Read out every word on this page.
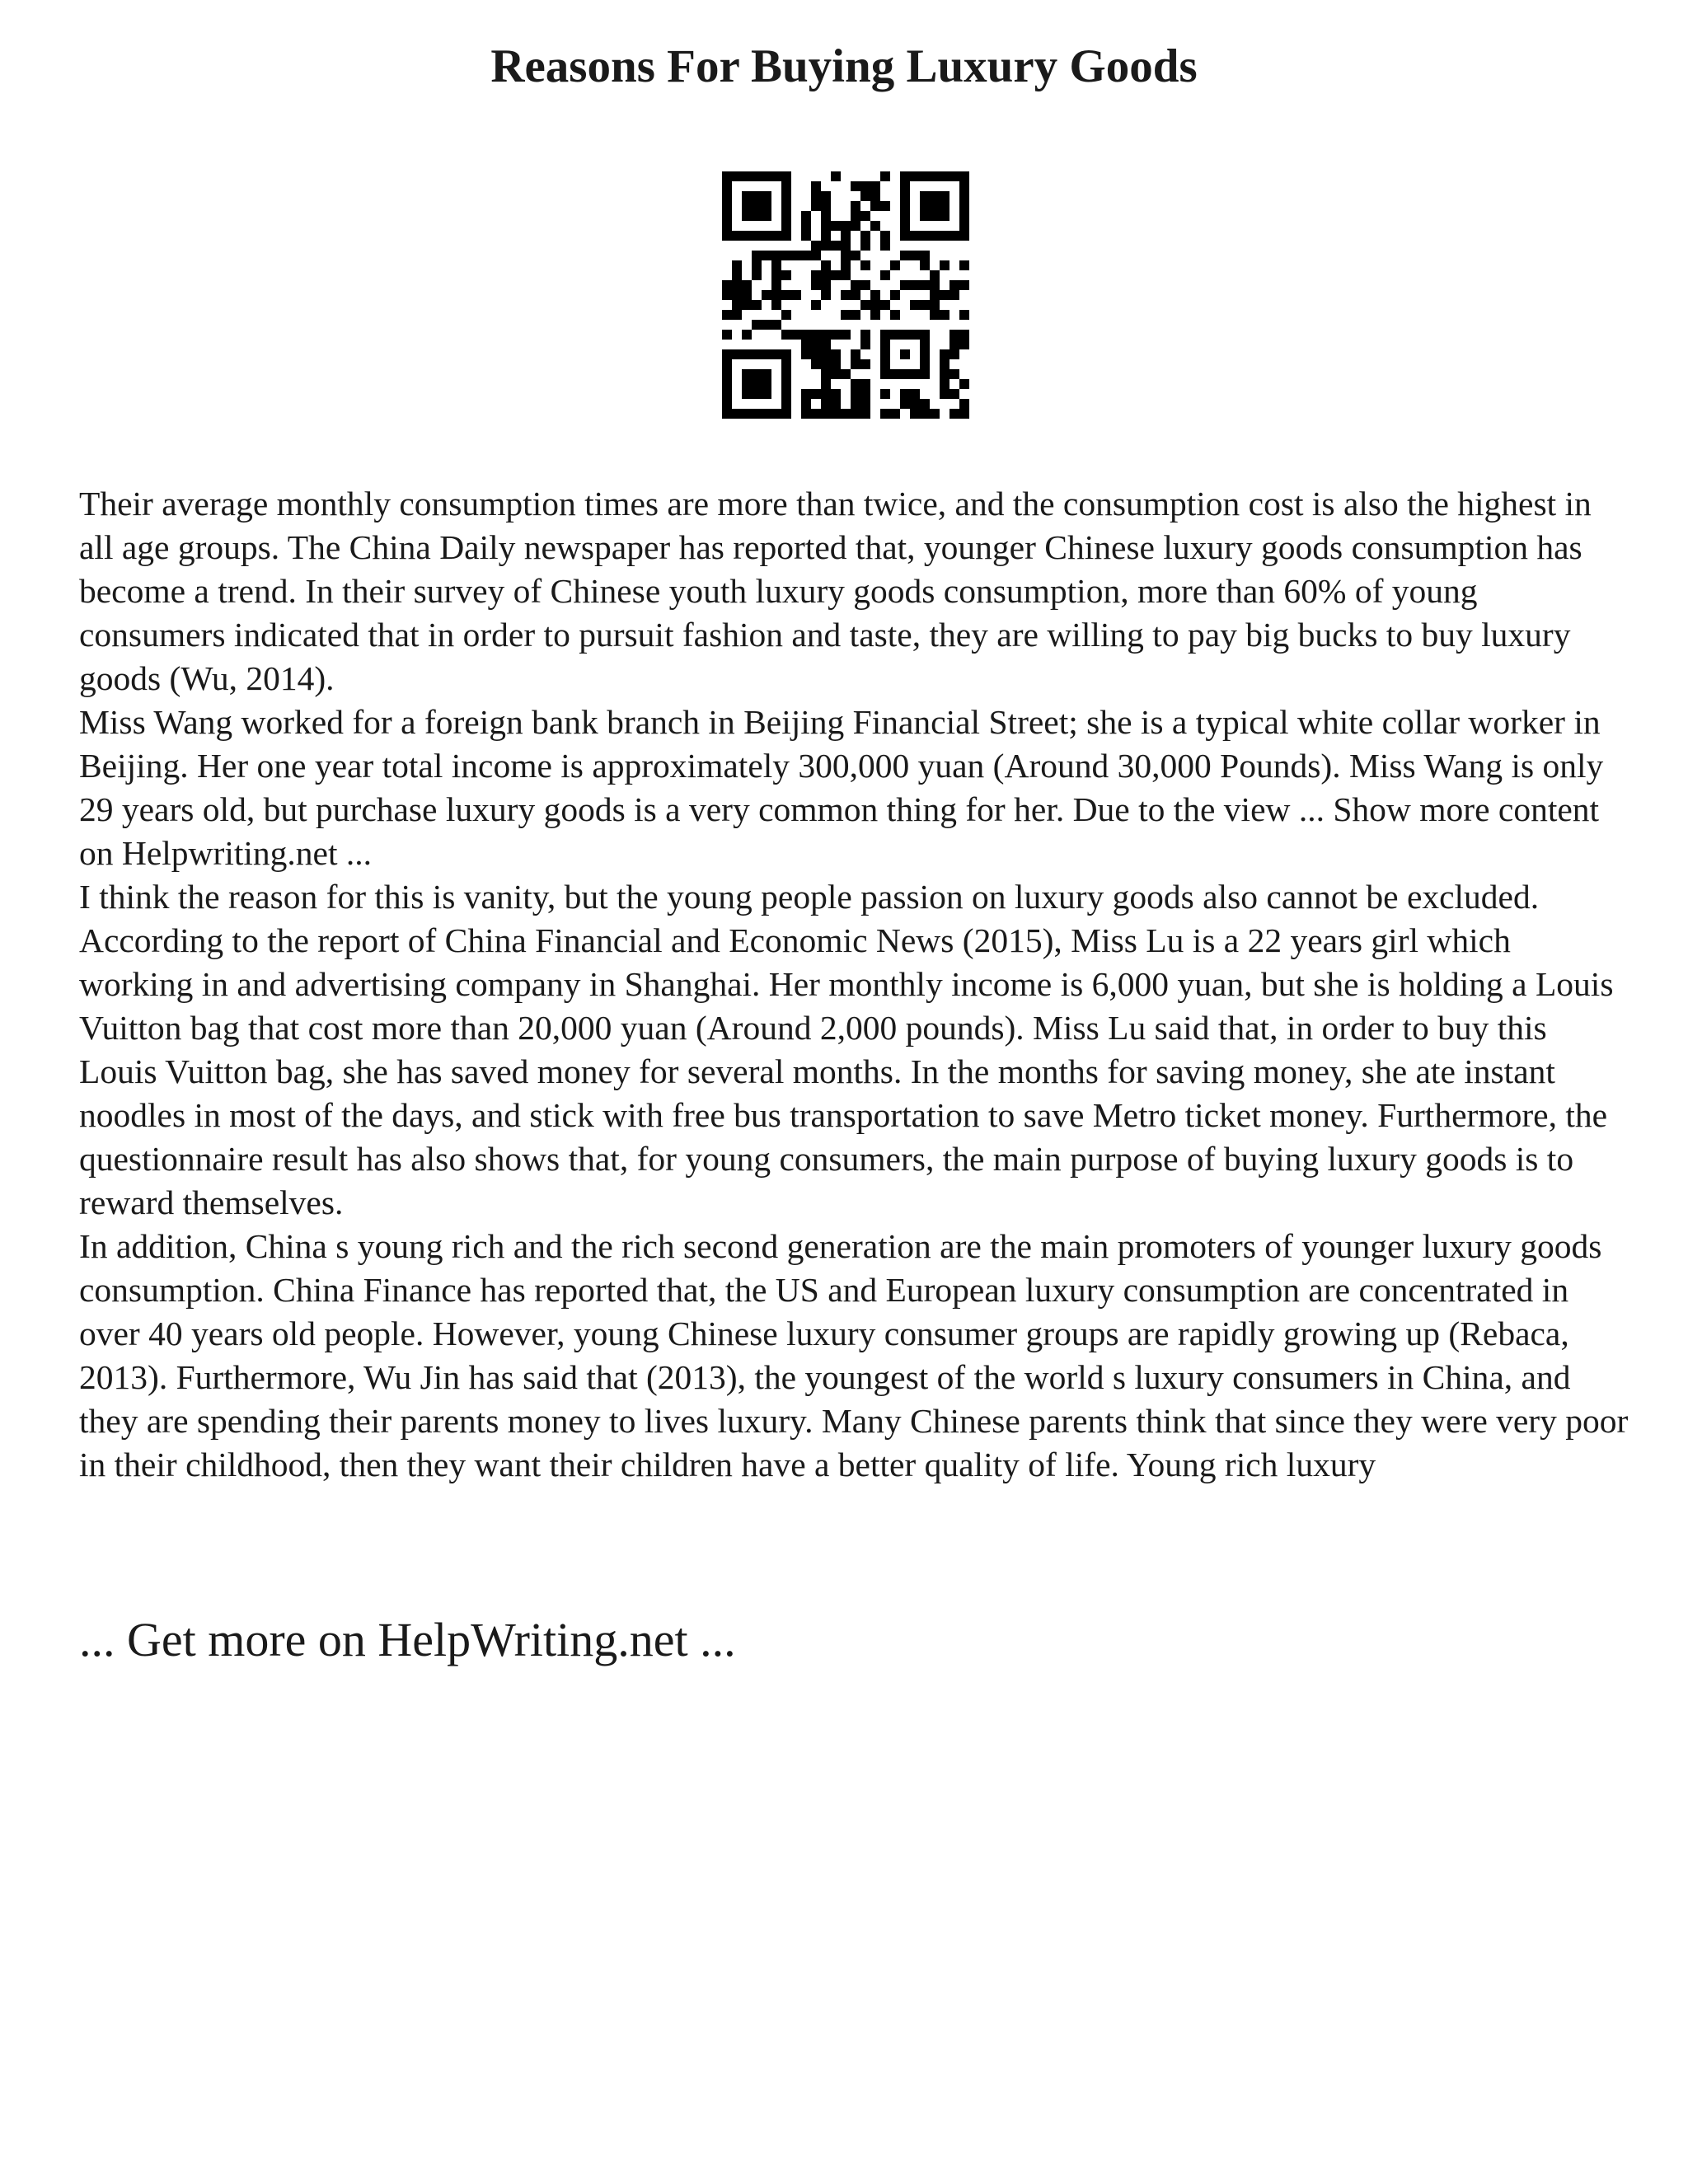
Reasons For Buying Luxury Goods

Their average monthly consumption times are more than twice, and the consumption cost is also the highest in all age groups. The China Daily newspaper has reported that, younger Chinese luxury goods consumption has become a trend. In their survey of Chinese youth luxury goods consumption, more than 60% of young consumers indicated that in order to pursuit fashion and taste, they are willing to pay big bucks to buy luxury goods (Wu, 2014).

Miss Wang worked for a foreign bank branch in Beijing Financial Street; she is a typical white collar worker in Beijing. Her one year total income is approximately 300,000 yuan (Around 30,000 Pounds). Miss Wang is only 29 years old, but purchase luxury goods is a very common thing for her. Due to the view ... Show more content on Helpwriting.net ...

I think the reason for this is vanity, but the young people passion on luxury goods also cannot be excluded.

According to the report of China Financial and Economic News (2015), Miss Lu is a 22 years girl which working in and advertising company in Shanghai. Her monthly income is 6,000 yuan, but she is holding a Louis Vuitton bag that cost more than 20,000 yuan (Around 2,000 pounds). Miss Lu said that, in order to buy this Louis Vuitton bag, she has saved money for several months. In the months for saving money, she ate instant noodles in most of the days, and stick with free bus transportation to save Metro ticket money. Furthermore, the questionnaire result has also shows that, for young consumers, the main purpose of buying luxury goods is to reward themselves.

In addition, China s young rich and the rich second generation are the main promoters of younger luxury goods consumption. China Finance has reported that, the US and European luxury consumption are concentrated in over 40 years old people. However, young Chinese luxury consumer groups are rapidly growing up (Rebaca, 2013). Furthermore, Wu Jin has said that (2013), the youngest of the world s luxury consumers in China, and they are spending their parents money to lives luxury. Many Chinese parents think that since they were very poor in their childhood, then they want their children have a better quality of life. Young rich luxury

... Get more on HelpWriting.net ...
